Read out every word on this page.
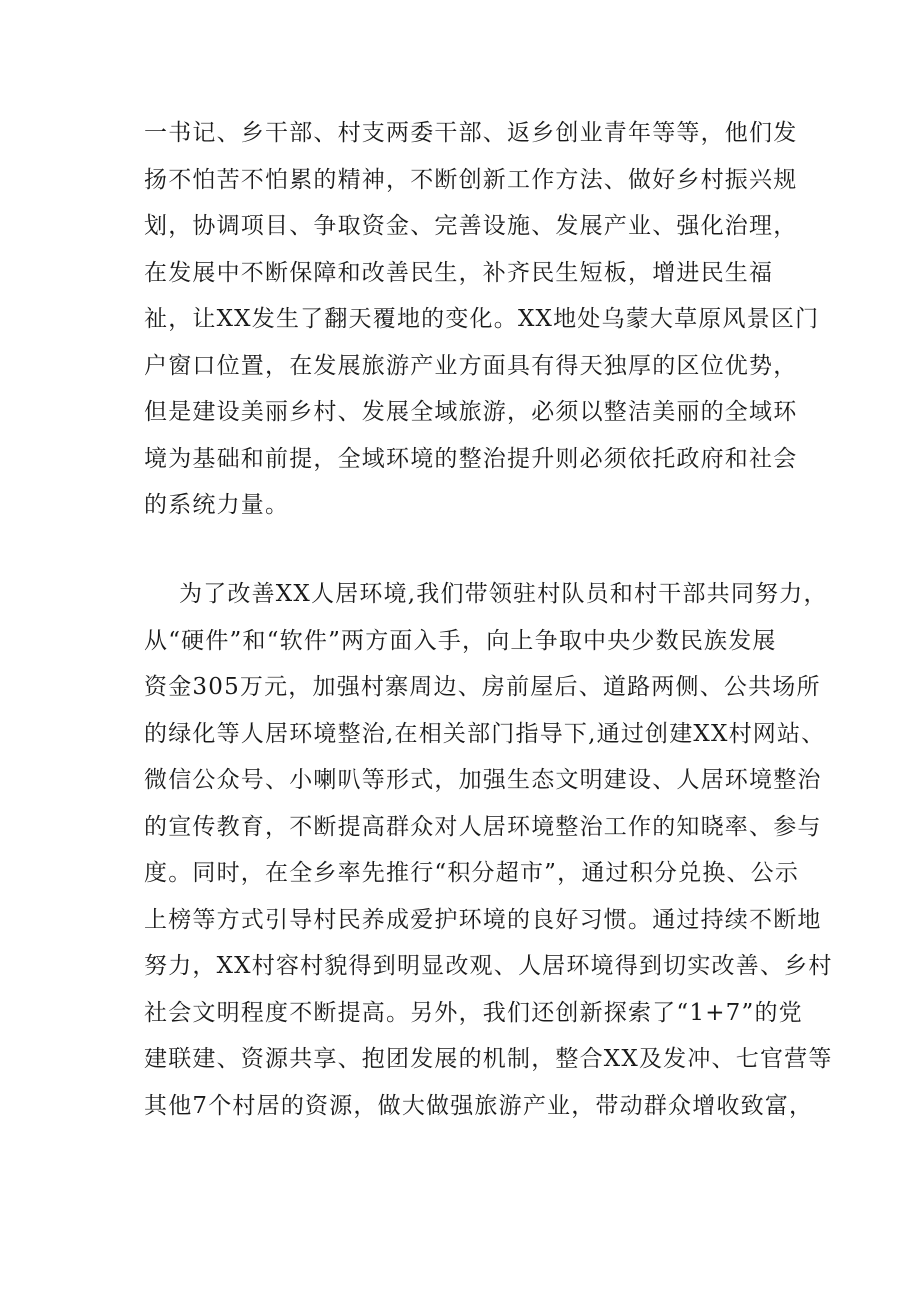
一书记、乡干部、村支两委干部、返乡创业青年等等，他们发
扬不怕苦不怕累的精神，不断创新工作方法、做好乡村振兴规
划，协调项目、争取资金、完善设施、发展产业、强化治理，
在发展中不断保障和改善民生，补齐民生短板，增进民生福
祉，让XX发生了翻天覆地的变化。XX地处乌蒙大草原风景区门
户窗口位置，在发展旅游产业方面具有得天独厚的区位优势，
但是建设美丽乡村、发展全域旅游，必须以整洁美丽的全域环
境为基础和前提，全域环境的整治提升则必须依托政府和社会
的系统力量。
为了改善XX人居环境,我们带领驻村队员和村干部共同努力，
从“硬件”和“软件”两方面入手，向上争取中央少数民族发展
资金305万元，加强村寨周边、房前屋后、道路两侧、公共场所
的绿化等人居环境整治,在相关部门指导下,通过创建XX村网站、
微信公众号、小喇叭等形式，加强生态文明建设、人居环境整治
的宣传教育，不断提高群众对人居环境整治工作的知晓率、参与
度。同时，在全乡率先推行“积分超市”，通过积分兑换、公示
上榜等方式引导村民养成爱护环境的良好习惯。通过持续不断地
努力，XX村容村貌得到明显改观、人居环境得到切实改善、乡村
社会文明程度不断提高。另外，我们还创新探索了“1+7”的党
建联建、资源共享、抱团发展的机制，整合XX及发冲、七官营等
其他7个村居的资源，做大做强旅游产业，带动群众增收致富，
